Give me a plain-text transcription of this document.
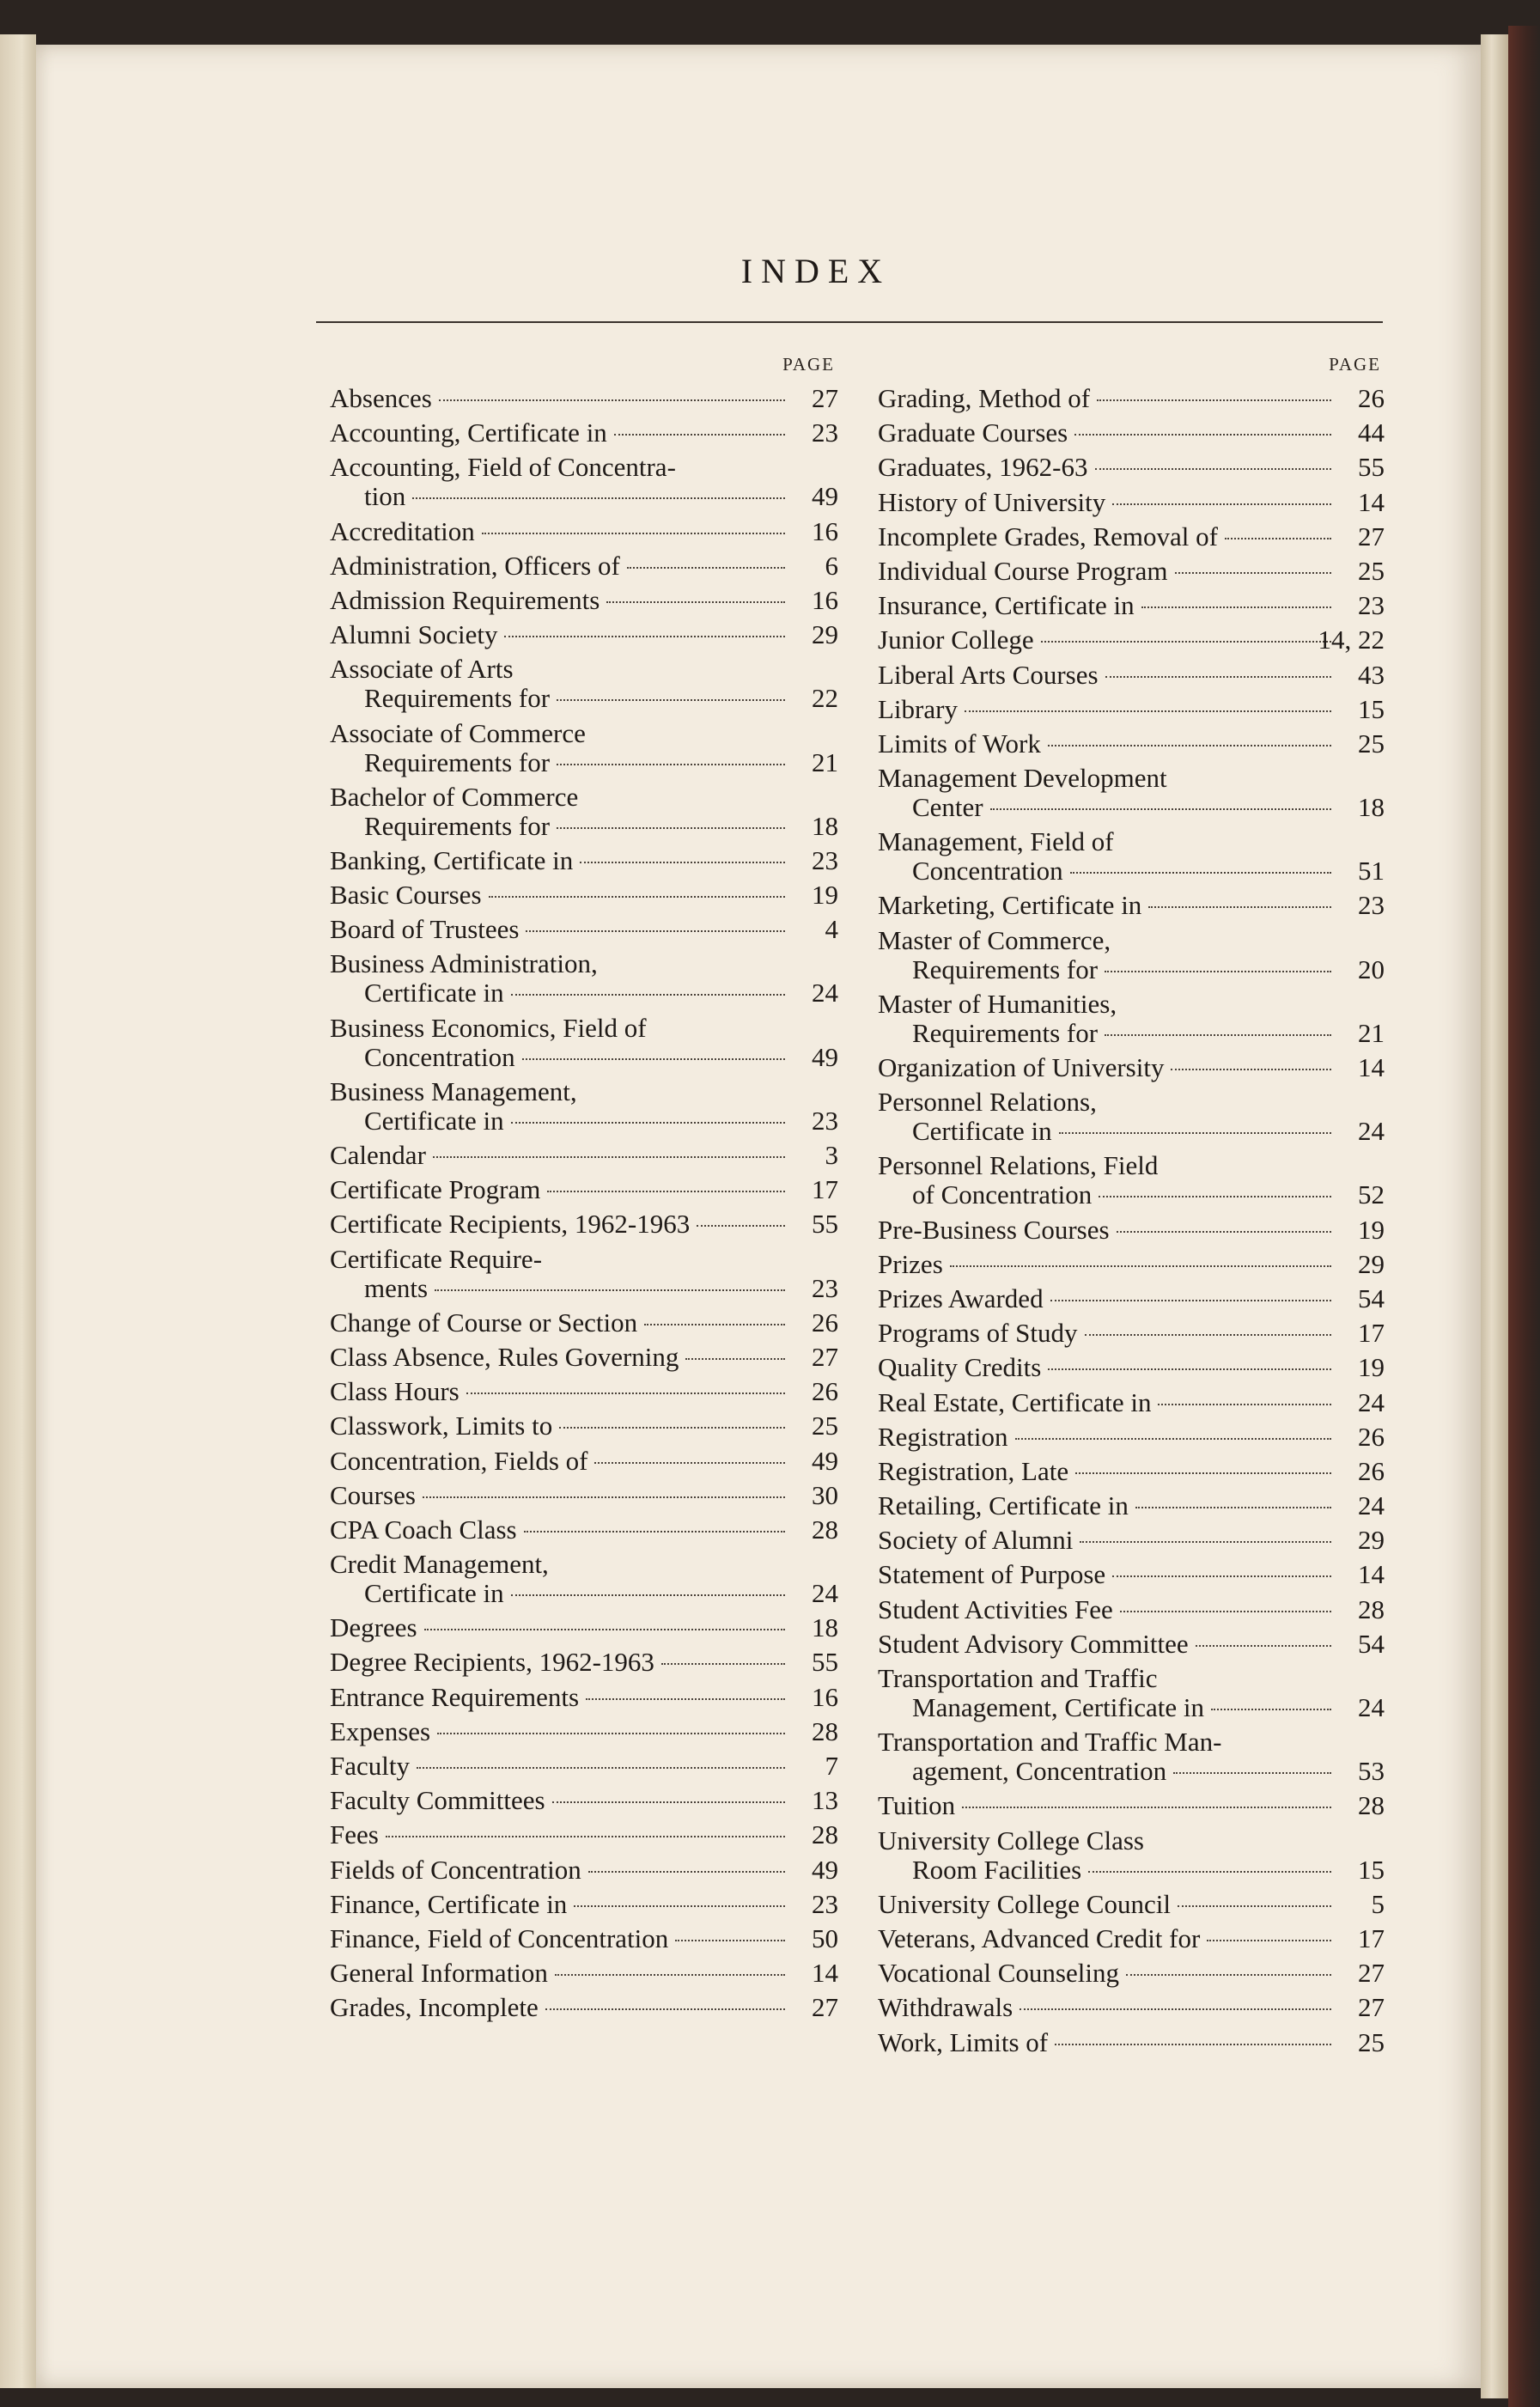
INDEX
PAGE
Absences	27
Accounting, Certificate in	23
Accounting, Field of Concentra-
tion	49
Accreditation	16
Administration, Officers of	6
Admission Requirements	16
Alumni Society	29
Associate of Arts
Requirements for	22
Associate of Commerce
Requirements for	21
Bachelor of Commerce
Requirements for	18
Banking, Certificate in	23
Basic Courses	19
Board of Trustees	4
Business Administration,
Certificate in	24
Business Economics, Field of
Concentration	49
Business Management,
Certificate in	23
Calendar	3
Certificate Program	17
Certificate Recipients, 1962-1963	55
Certificate Require-
ments	23
Change of Course or Section	26
Class Absence, Rules Governing	27
Class Hours	26
Classwork, Limits to	25
Concentration, Fields of	49
Courses	30
CPA Coach Class	28
Credit Management,
Certificate in	24
Degrees	18
Degree Recipients, 1962-1963	55
Entrance Requirements	16
Expenses	28
Faculty	7
Faculty Committees	13
Fees	28
Fields of Concentration	49
Finance, Certificate in	23
Finance, Field of Concentration	50
General Information	14
Grades, Incomplete	27
PAGE
Grading, Method of	26
Graduate Courses	44
Graduates, 1962-63	55
History of University	14
Incomplete Grades, Removal of	27
Individual Course Program	25
Insurance, Certificate in	23
Junior College	14, 22
Liberal Arts Courses	43
Library	15
Limits of Work	25
Management Development
Center	18
Management, Field of
Concentration	51
Marketing, Certificate in	23
Master of Commerce,
Requirements for	20
Master of Humanities,
Requirements for	21
Organization of University	14
Personnel Relations,
Certificate in	24
Personnel Relations, Field
of Concentration	52
Pre-Business Courses	19
Prizes	29
Prizes Awarded	54
Programs of Study	17
Quality Credits	19
Real Estate, Certificate in	24
Registration	26
Registration, Late	26
Retailing, Certificate in	24
Society of Alumni	29
Statement of Purpose	14
Student Activities Fee	28
Student Advisory Committee	54
Transportation and Traffic
Management, Certificate in	24
Transportation and Traffic Man-
agement, Concentration	53
Tuition	28
University College Class
Room Facilities	15
University College Council	5
Veterans, Advanced Credit for	17
Vocational Counseling	27
Withdrawals	27
Work, Limits of	25
